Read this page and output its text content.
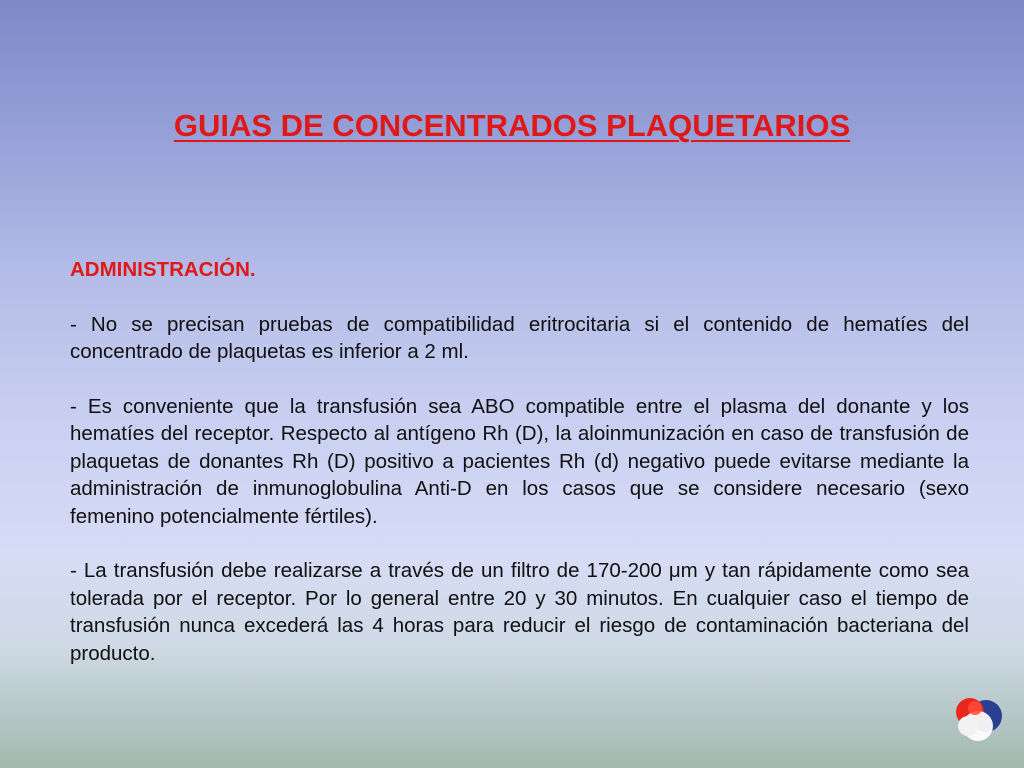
GUIAS DE CONCENTRADOS PLAQUETARIOS
ADMINISTRACIÓN.

- No se precisan pruebas de compatibilidad eritrocitaria si el contenido de hematíes del concentrado de plaquetas es inferior a 2 ml.

- Es conveniente que la transfusión sea ABO compatible entre el plasma del donante y los hematíes del receptor. Respecto al antígeno Rh (D), la aloinmunización en caso de transfusión de plaquetas de donantes Rh (D) positivo a pacientes Rh (d) negativo puede evitarse mediante la administración de inmunoglobulina Anti-D en los casos que se considere necesario (sexo femenino potencialmente fértiles).

- La transfusión debe realizarse a través de un filtro de 170-200 μm y tan rápidamente como sea tolerada por el receptor. Por lo general entre 20 y 30 minutos. En cualquier caso el tiempo de transfusión nunca excederá las 4 horas para reducir el riesgo de contaminación bacteriana del producto.
